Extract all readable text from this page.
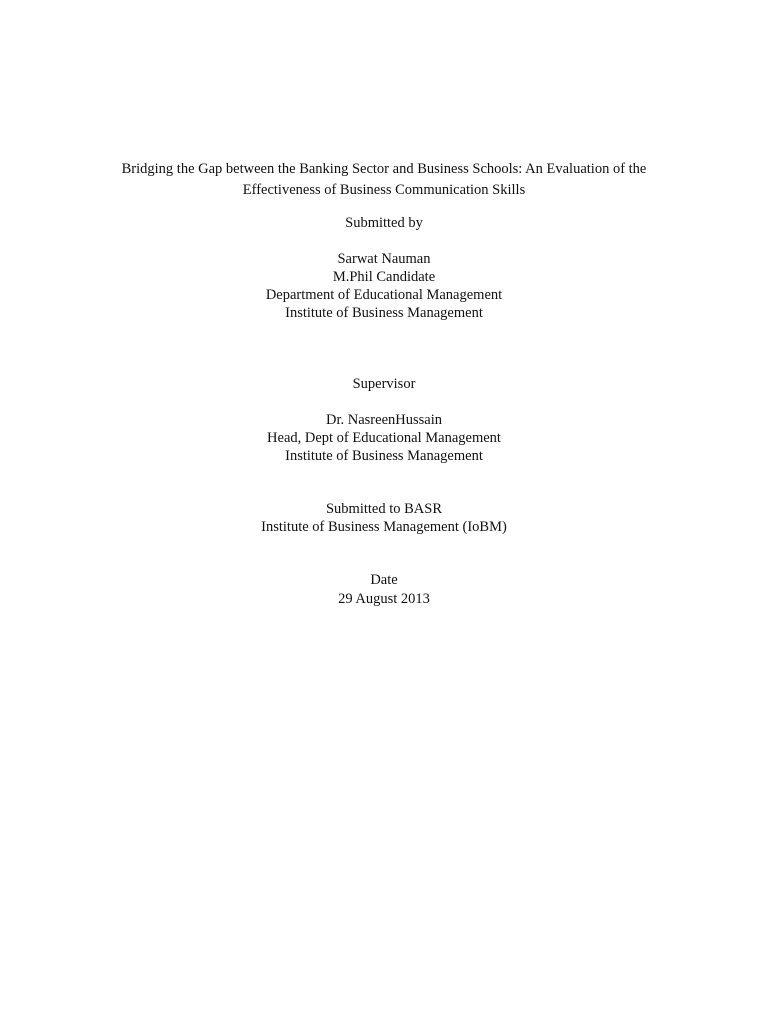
Bridging the Gap between the Banking Sector and Business Schools: An Evaluation of the
Effectiveness of Business Communication Skills
Submitted by
Sarwat Nauman
M.Phil Candidate
Department of Educational Management
Institute of Business Management
Supervisor
Dr. NasreenHussain
Head, Dept of Educational Management
Institute of Business Management
Submitted to BASR
Institute of Business Management (IoBM)
Date
29 August 2013
